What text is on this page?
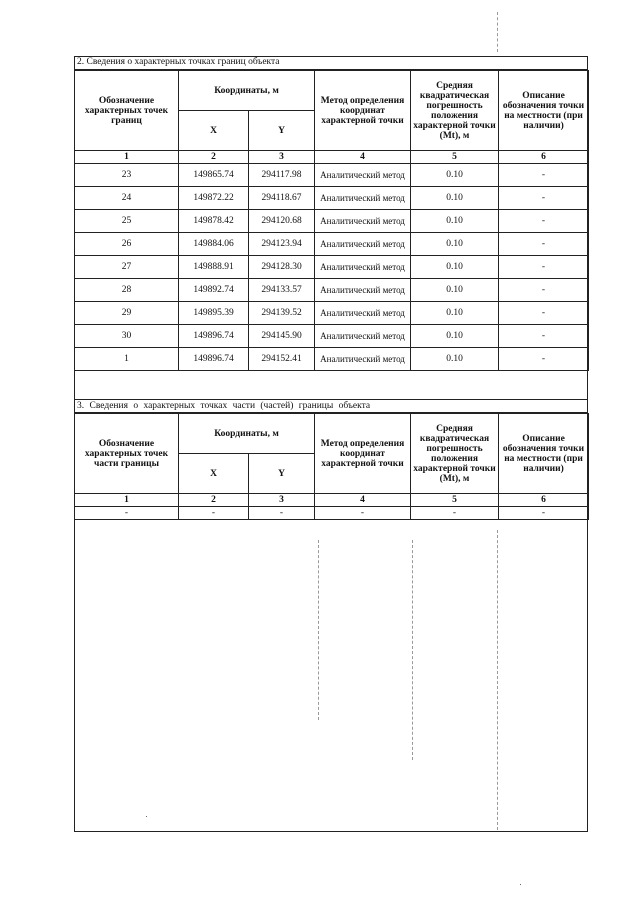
2. Сведения о характерных точках границ объекта
Обозначение характерных точек границ	Координаты, м		Метод определения координат характерной точки	Средняя квадратическая погрешность положения характерной точки (Mt), м	Описание обозначения точки на местности (при наличии)
	X	Y			
1	2	3	4	5	6
23	149865.74	294117.98	Аналитический метод	0.10	-
24	149872.22	294118.67	Аналитический метод	0.10	-
25	149878.42	294120.68	Аналитический метод	0.10	-
26	149884.06	294123.94	Аналитический метод	0.10	-
27	149888.91	294128.30	Аналитический метод	0.10	-
28	149892.74	294133.57	Аналитический метод	0.10	-
29	149895.39	294139.52	Аналитический метод	0.10	-
30	149896.74	294145.90	Аналитический метод	0.10	-
1	149896.74	294152.41	Аналитический метод	0.10	-
3. Сведения о характерных точках части (частей) границы объекта
Обозначение характерных точек части границы	Координаты, м		Метод определения координат характерной точки	Средняя квадратическая погрешность положения характерной точки (Mt), м	Описание обозначения точки на местности (при наличии)
	X	Y			
1	2	3	4	5	6
-	-	-	-	-	-
